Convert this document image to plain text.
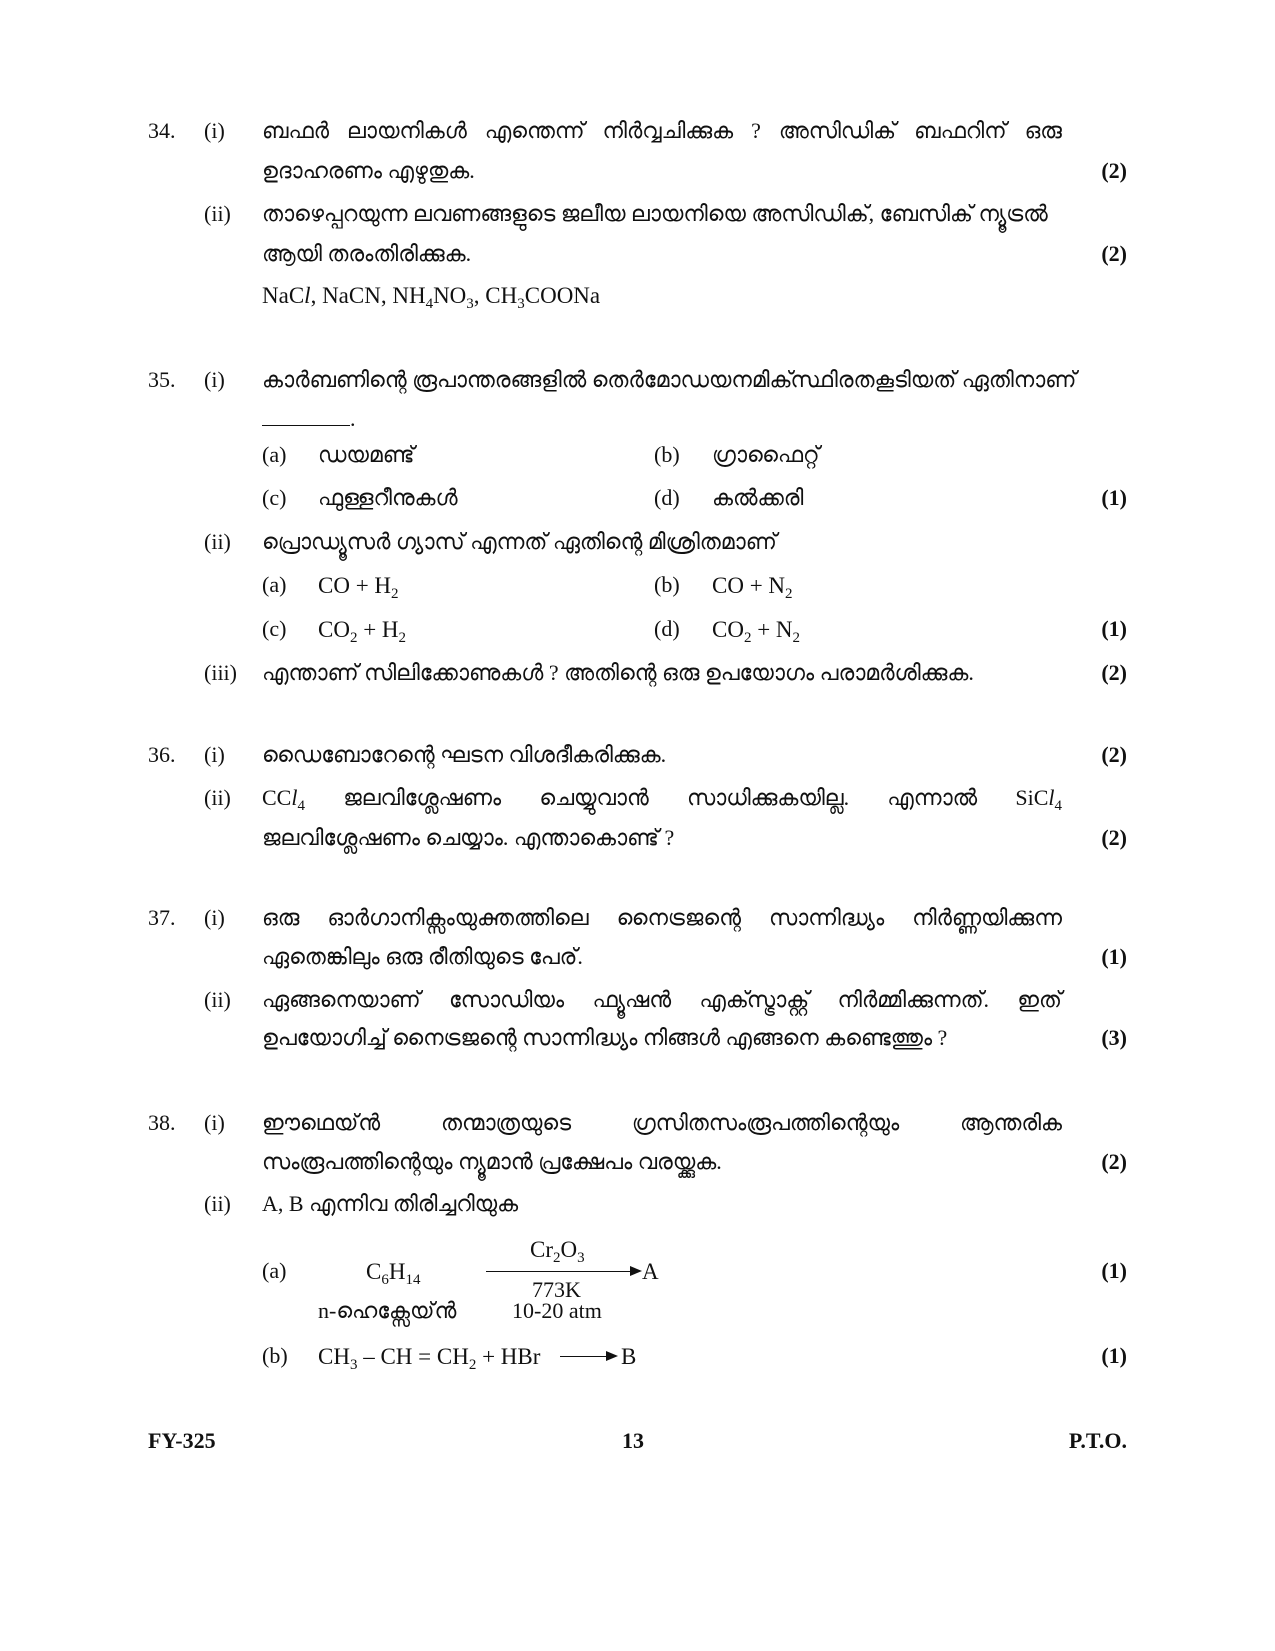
34. (i) ബഫർ ലായനികൾ എന്തെന്ന് നിർവ്വചിക്കുക ? അസിഡിക് ബഫറിന് ഒരു
ഉദാഹരണം എഴുതുക.	(2)
(ii) താഴെപ്പറയുന്ന ലവണങ്ങളുടെ ജലീയ ലായനിയെ അസിഡിക്, ബേസിക് ന്യൂട്രൽ
ആയി തരംതിരിക്കുക.	(2)
NaCl, NaCN, $NH_4NO_3$, $CH_3COONa$
35. (i) കാർബണിന്റെ രൂപാന്തരങ്ങളിൽ തെർമോഡയനമിക്സ്ഥിരതകൂടിയത് ഏതിനാണ്
.
(a) ഡയമണ്ട്	(b) ഗ്രാഫൈറ്റ്
(c) ഫുള്ളറീനുകൾ	(d) കൽക്കരി	(1)
(ii) പ്രൊഡ്യൂസർ ഗ്യാസ് എന്നത് ഏതിന്റെ മിശ്രിതമാണ്
(a) CO + $H_2$	(b) CO + $N_2$
(c) $CO_2 + H_2$	(d) $CO_2 + N_2$	(1)
(iii) എന്താണ് സിലിക്കോണുകൾ ? അതിന്റെ ഒരു ഉപയോഗം പരാമർശിക്കുക.	(2)
36. (i) ഡൈബോറേന്റെ ഘടന വിശദീകരിക്കുക.	(2)
(ii) CCl$_4$ ജലവിശ്ലേഷണം ചെയ്യുവാൻ സാധിക്കുകയില്ല. എന്നാൽ SiCl$_4$
ജലവിശ്ലേഷണം ചെയ്യാം. എന്താകൊണ്ട് ?	(2)
37. (i) ഒരു ഓർഗാനിക്സംയുക്തത്തിലെ നൈട്രജന്റെ സാന്നിദ്ധ്യം നിർണ്ണയിക്കുന്ന
ഏതെങ്കിലും ഒരു രീതിയുടെ പേര്.	(1)
(ii) ഏങ്ങനെയാണ് സോഡിയം ഫ്യൂഷൻ എക്സ്ട്രാക്റ്റ് നിർമ്മിക്കുന്നത്. ഇത്
ഉപയോഗിച്ച് നൈട്രജന്റെ സാന്നിദ്ധ്യം നിങ്ങൾ എങ്ങനെ കണ്ടെത്തും ?	(3)
38. (i) ഈഥെയ്ൻ	തന്മാത്രയുടെ	ഗ്രസിതസംരൂപത്തിന്റെയും	ആന്തരിക
സംരൂപത്തിന്റെയും ന്യൂമാൻ പ്രക്ഷേപം വരയ്ക്കുക.	(2)
(ii) A, B എന്നിവ തിരിച്ചറിയുക
(a)	$C_6H_{14}$
n-ഹെക്സേയ്ൻ
$Cr_2O_3$
773K
10-20 atm
A	(1)
(b) $CH_3$ – CH = $CH_2$ + HBr	B	(1)
FY-325	13	P.T.O.
